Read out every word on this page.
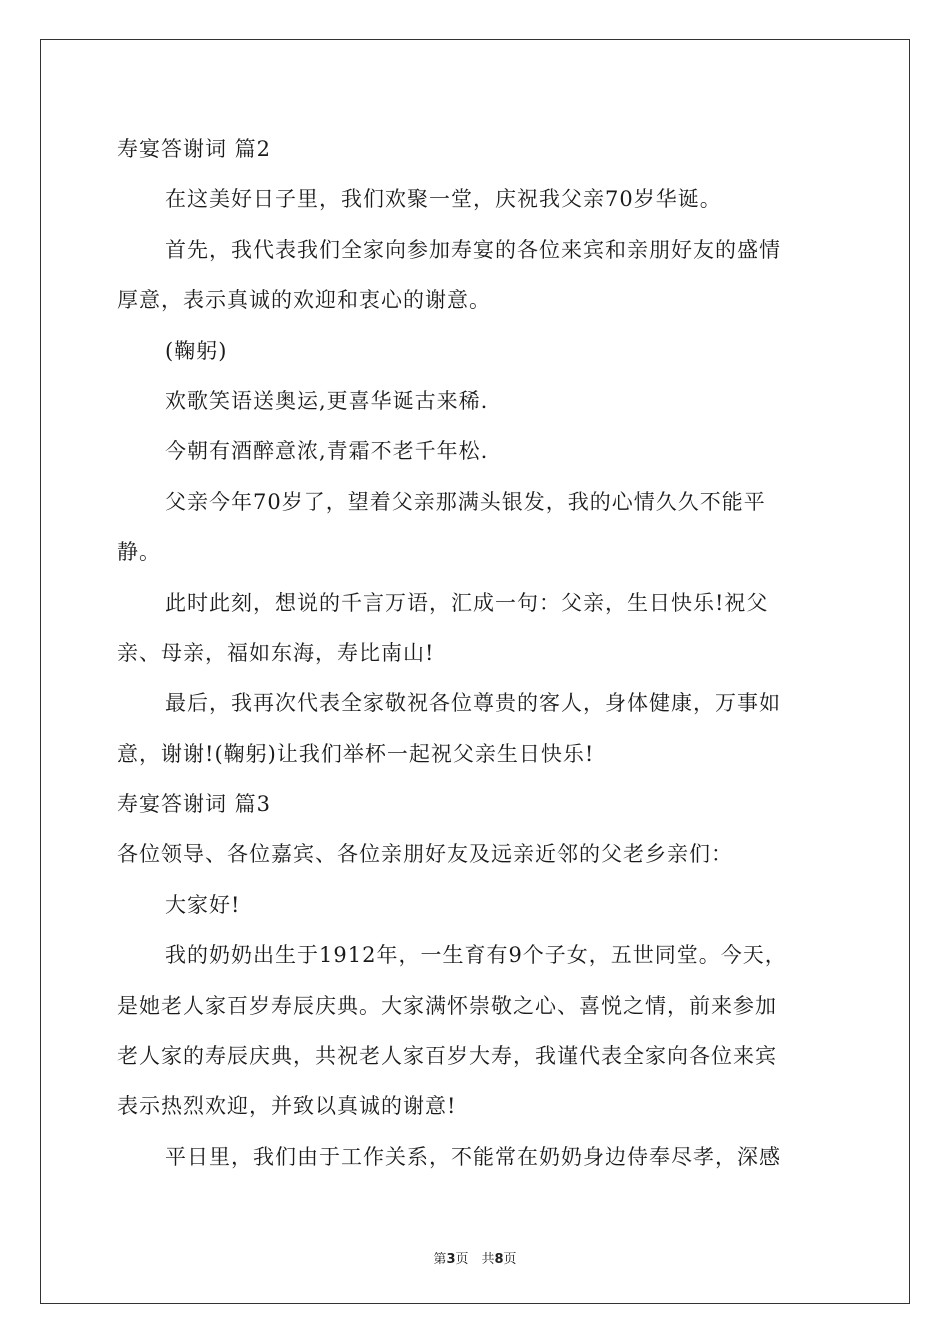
寿宴答谢词 篇2
在这美好日子里，我们欢聚一堂，庆祝我父亲70岁华诞。
首先，我代表我们全家向参加寿宴的各位来宾和亲朋好友的盛情
厚意，表示真诚的欢迎和衷心的谢意。
(鞠躬)
欢歌笑语送奥运,更喜华诞古来稀.
今朝有酒醉意浓,青霜不老千年松.
父亲今年70岁了，望着父亲那满头银发，我的心情久久不能平
静。
此时此刻，想说的千言万语，汇成一句：父亲，生日快乐!祝父
亲、母亲，福如东海，寿比南山!
最后，我再次代表全家敬祝各位尊贵的客人，身体健康，万事如
意，谢谢!(鞠躬)让我们举杯一起祝父亲生日快乐!
寿宴答谢词 篇3
各位领导、各位嘉宾、各位亲朋好友及远亲近邻的父老乡亲们：
大家好!
我的奶奶出生于1912年，一生育有9个子女，五世同堂。今天，
是她老人家百岁寿辰庆典。大家满怀崇敬之心、喜悦之情，前来参加
老人家的寿辰庆典，共祝老人家百岁大寿，我谨代表全家向各位来宾
表示热烈欢迎，并致以真诚的谢意!
平日里，我们由于工作关系，不能常在奶奶身边侍奉尽孝，深感
第3页　共8页
